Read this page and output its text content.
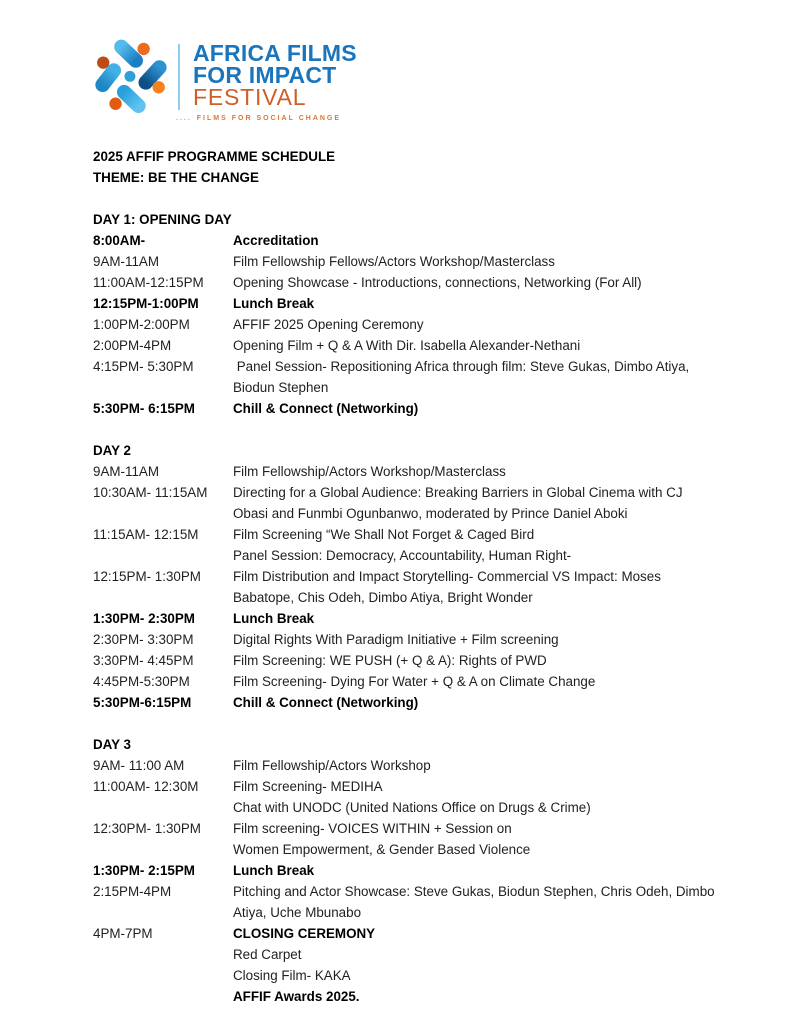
AFRICA FILMS
FOR IMPACT
FESTIVAL
.... FILMS FOR SOCIAL CHANGE
2025 AFFIF PROGRAMME SCHEDULE
THEME: BE THE CHANGE
DAY 1: OPENING DAY
8:00AM-	Accreditation
9AM-11AM	Film Fellowship Fellows/Actors Workshop/Masterclass
11:00AM-12:15PM	Opening Showcase - Introductions, connections, Networking (For All)
12:15PM-1:00PM	Lunch Break
1:00PM-2:00PM	AFFIF 2025 Opening Ceremony
2:00PM-4PM	Opening Film + Q & A With Dir. Isabella Alexander-Nethani
4:15PM- 5:30PM	Panel Session- Repositioning Africa through film: Steve Gukas, Dimbo Atiya,
Biodun Stephen
5:30PM- 6:15PM	Chill & Connect (Networking)
DAY 2
9AM-11AM	Film Fellowship/Actors Workshop/Masterclass
10:30AM- 11:15AM	Directing for a Global Audience: Breaking Barriers in Global Cinema with CJ
Obasi and Funmbi Ogunbanwo, moderated by Prince Daniel Aboki
11:15AM- 12:15M	Film Screening “We Shall Not Forget & Caged Bird
Panel Session: Democracy, Accountability, Human Right-
12:15PM- 1:30PM	Film Distribution and Impact Storytelling- Commercial VS Impact: Moses
Babatope, Chis Odeh, Dimbo Atiya, Bright Wonder
1:30PM- 2:30PM	Lunch Break
2:30PM- 3:30PM	Digital Rights With Paradigm Initiative + Film screening
3:30PM- 4:45PM	Film Screening: WE PUSH (+ Q & A): Rights of PWD
4:45PM-5:30PM	Film Screening- Dying For Water + Q & A on Climate Change
5:30PM-6:15PM	Chill & Connect (Networking)
DAY 3
9AM- 11:00 AM	Film Fellowship/Actors Workshop
11:00AM- 12:30M	Film Screening- MEDIHA
Chat with UNODC (United Nations Office on Drugs & Crime)
12:30PM- 1:30PM	Film screening- VOICES WITHIN + Session on
Women Empowerment, & Gender Based Violence
1:30PM- 2:15PM	Lunch Break
2:15PM-4PM	Pitching and Actor Showcase: Steve Gukas, Biodun Stephen, Chris Odeh, Dimbo
Atiya, Uche Mbunabo
4PM-7PM	CLOSING CEREMONY
Red Carpet
Closing Film- KAKA
AFFIF Awards 2025.
